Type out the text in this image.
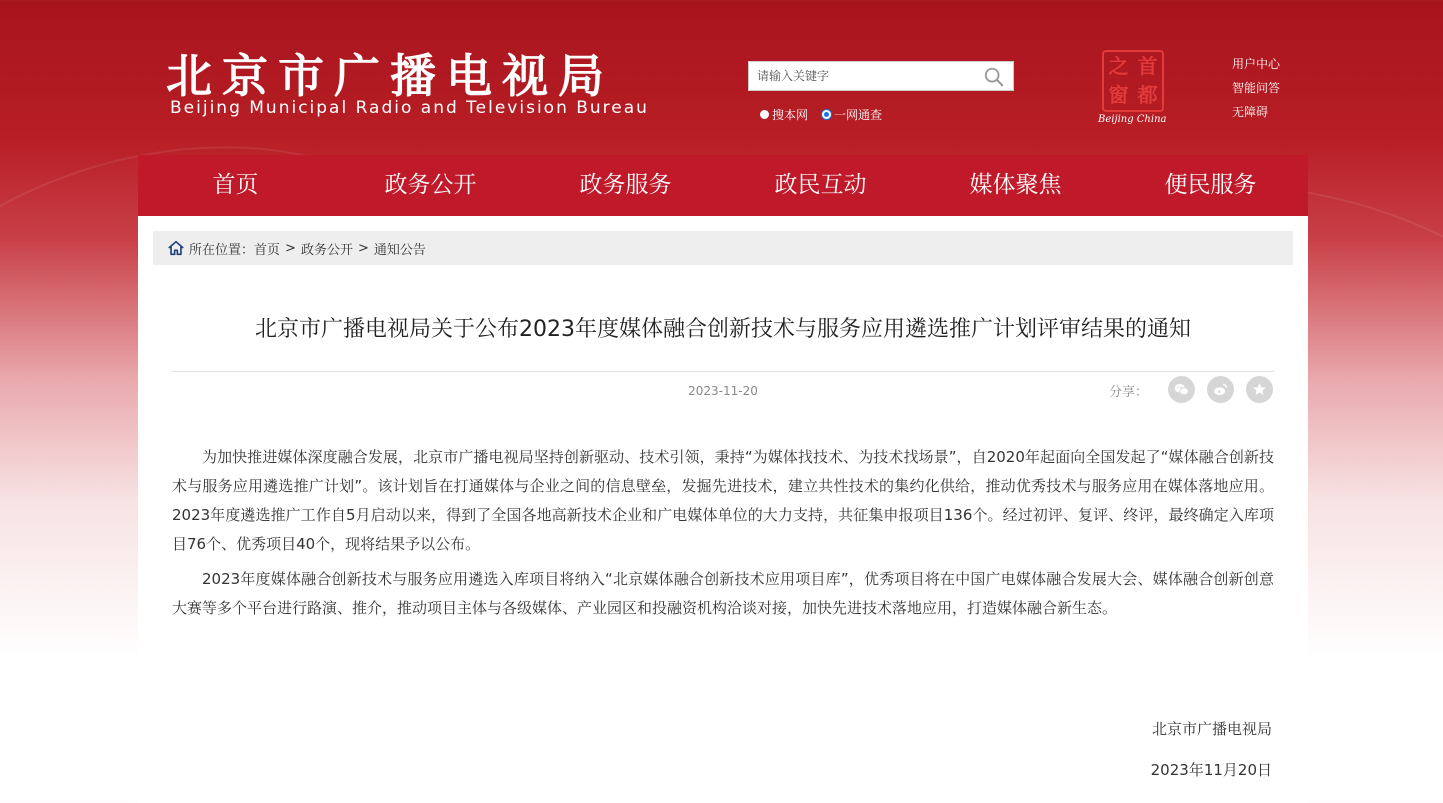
北京市广播电视局
Beijing Municipal Radio and Television Bureau
请输入关键字	搜本网 一网通查
之 首
窗 都
Beijing China
用户中心
智能问答
无障碍
首页	政务公开	政务服务	政民互动	媒体聚焦	便民服务
所在位置： 首页 > 政务公开 > 通知公告
北京市广播电视局关于公布2023年度媒体融合创新技术与服务应用遴选推广计划评审结果的通知
2023-11-20	分享：

为加快推进媒体深度融合发展，北京市广播电视局坚持创新驱动、技术引领，秉持“为媒体找技术、为技术找场景”，自2020年起面向全国发起了“媒体融合创新技术与服务应用遴选推广计划”。该计划旨在打通媒体与企业之间的信息壁垒，发掘先进技术，建立共性技术的集约化供给，推动优秀技术与服务应用在媒体落地应用。2023年度遴选推广工作自5月启动以来，得到了全国各地高新技术企业和广电媒体单位的大力支持，共征集申报项目136个。经过初评、复评、终评，最终确定入库项目76个、优秀项目40个，现将结果予以公布。

2023年度媒体融合创新技术与服务应用遴选入库项目将纳入“北京媒体融合创新技术应用项目库”，优秀项目将在中国广电媒体融合发展大会、媒体融合创新创意大赛等多个平台进行路演、推介，推动项目主体与各级媒体、产业园区和投融资机构洽谈对接，加快先进技术落地应用，打造媒体融合新生态。

北京市广播电视局
2023年11月20日
